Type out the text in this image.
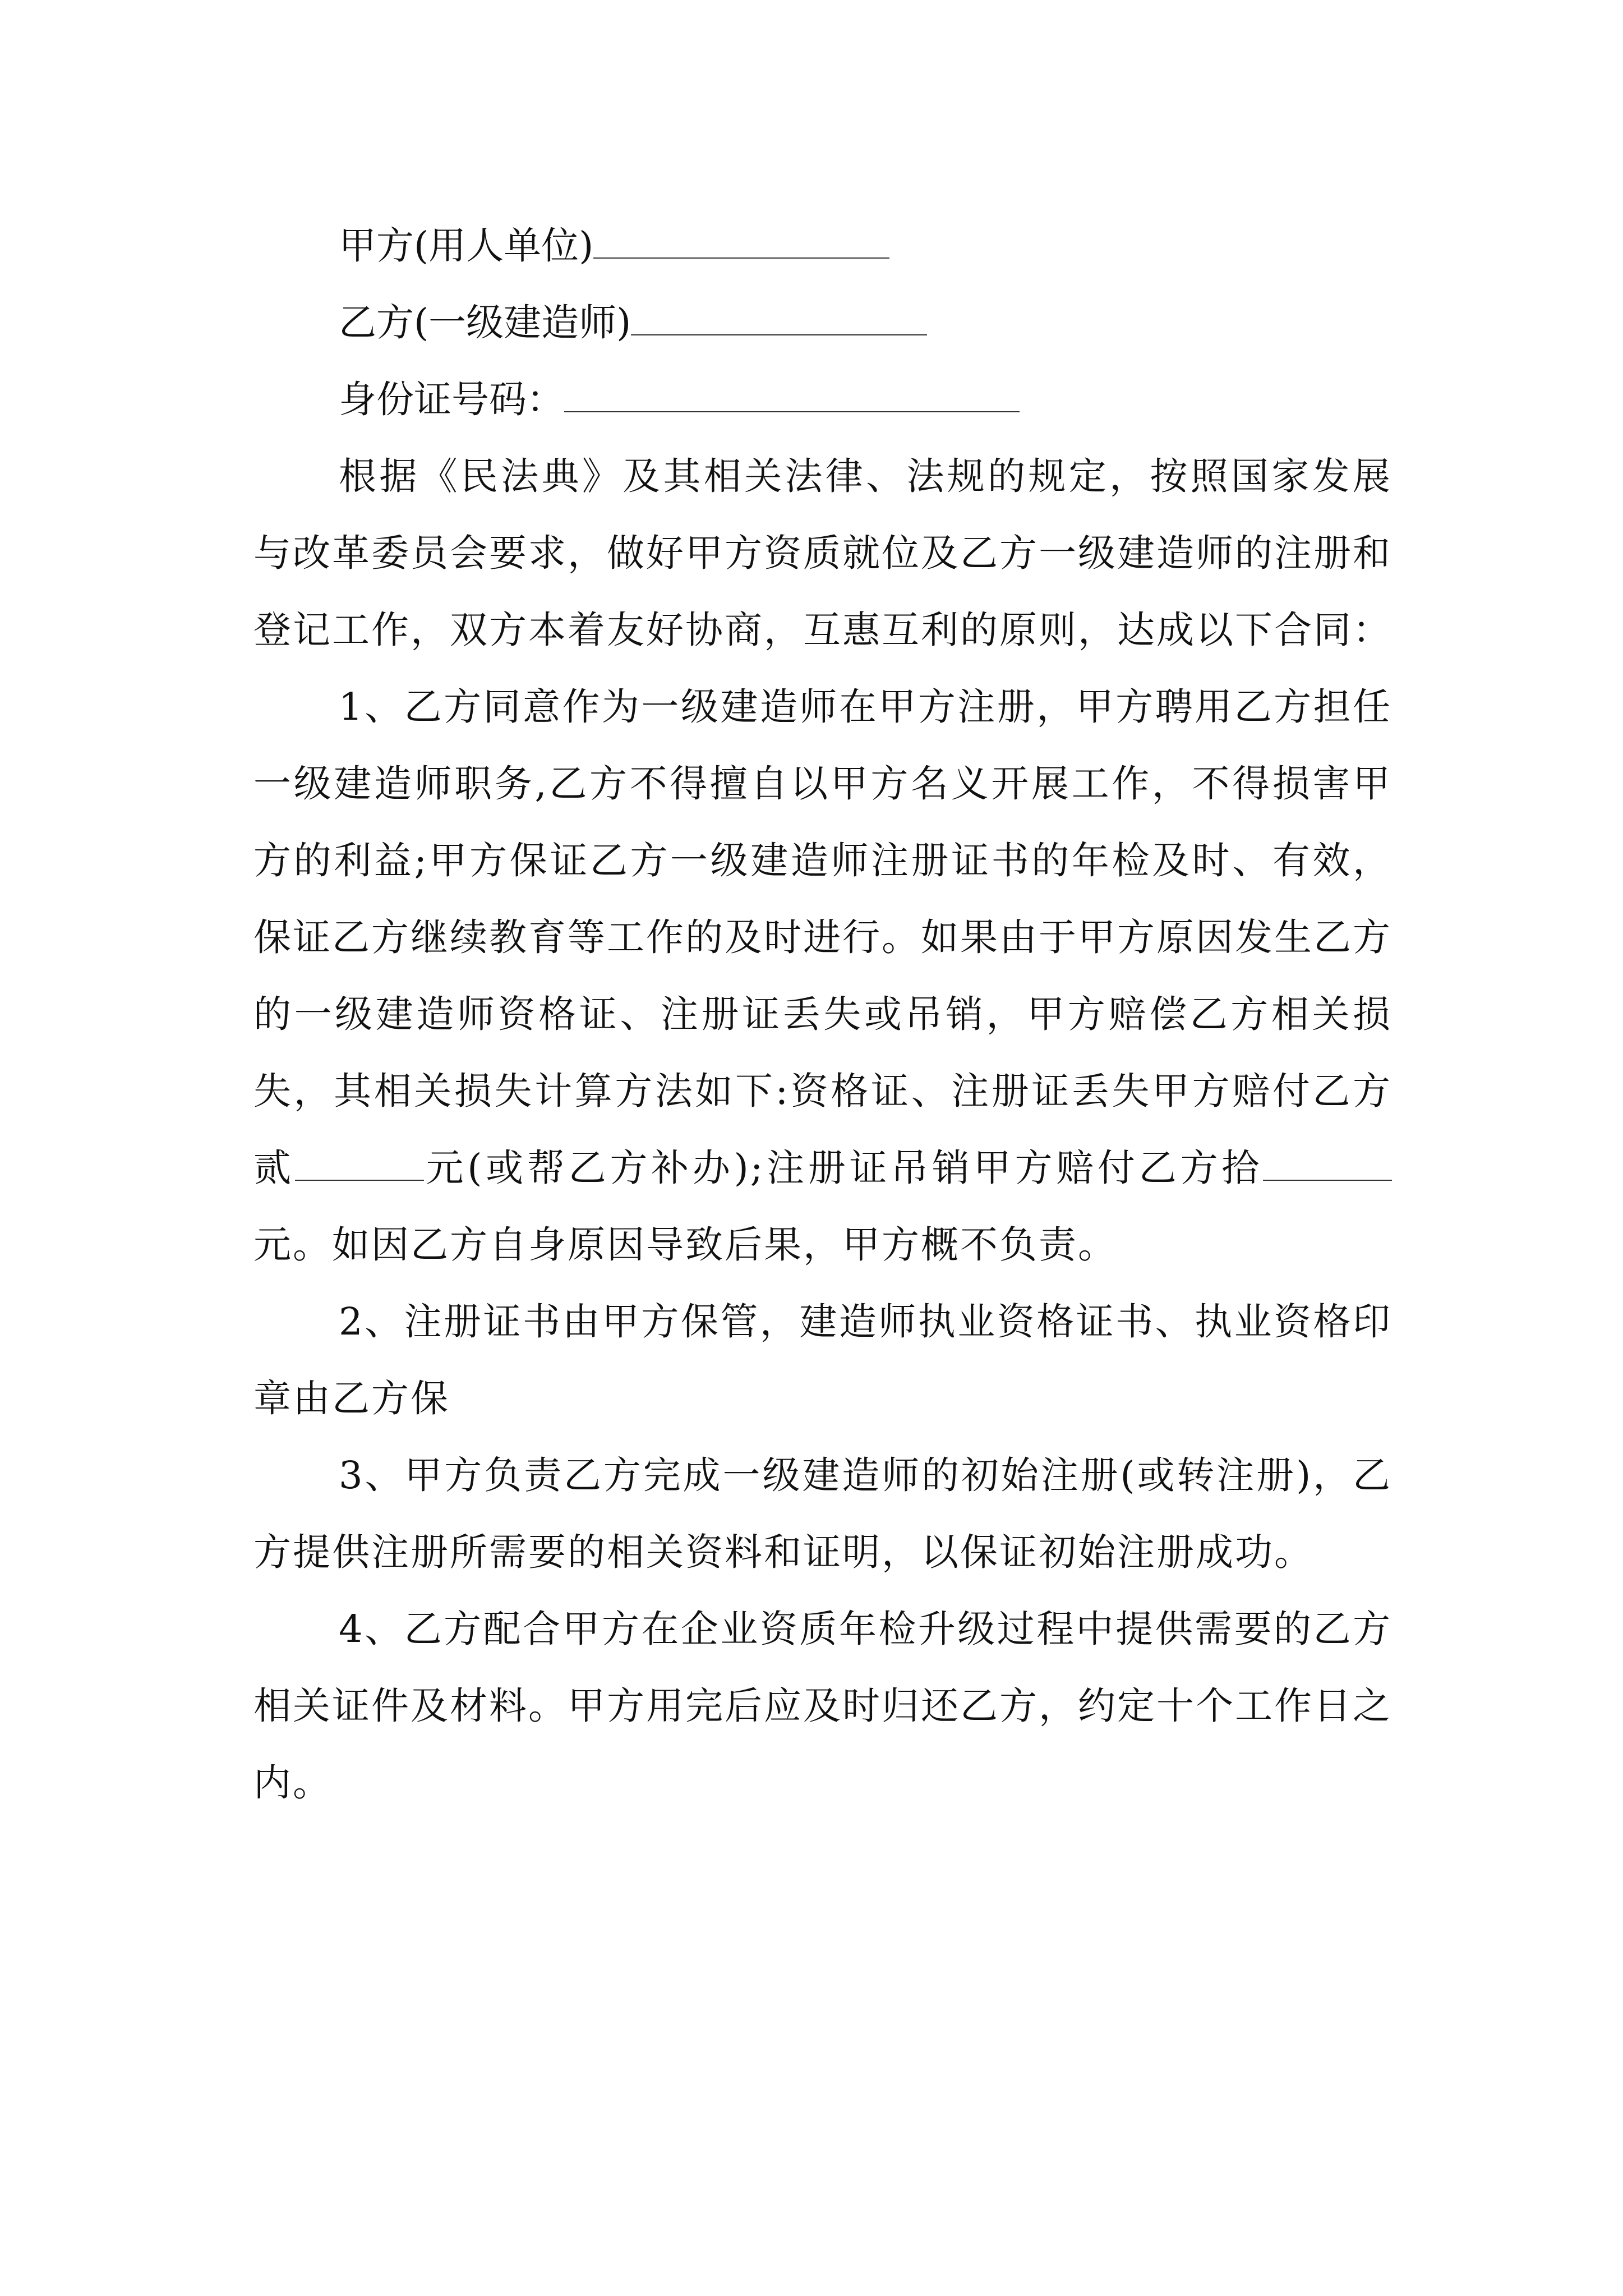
甲方(用人单位)
乙方(一级建造师)
身份证号码：

根据《民法典》及其相关法律、法规的规定，按照国家发展与改革委员会要求，做好甲方资质就位及乙方一级建造师的注册和登记工作，双方本着友好协商，互惠互利的原则，达成以下合同：

1、乙方同意作为一级建造师在甲方注册，甲方聘用乙方担任一级建造师职务,乙方不得擅自以甲方名义开展工作，不得损害甲方的利益;甲方保证乙方一级建造师注册证书的年检及时、有效，保证乙方继续教育等工作的及时进行。如果由于甲方原因发生乙方的一级建造师资格证、注册证丢失或吊销，甲方赔偿乙方相关损失，其相关损失计算方法如下:资格证、注册证丢失甲方赔付乙方贰	元(或帮乙方补办);注册证吊销甲方赔付乙方拾元。如因乙方自身原因导致后果，甲方概不负责。

2、注册证书由甲方保管，建造师执业资格证书、执业资格印章由乙方保

3、甲方负责乙方完成一级建造师的初始注册(或转注册)，乙方提供注册所需要的相关资料和证明，以保证初始注册成功。

4、乙方配合甲方在企业资质年检升级过程中提供需要的乙方相关证件及材料。甲方用完后应及时归还乙方，约定十个工作日之内。
